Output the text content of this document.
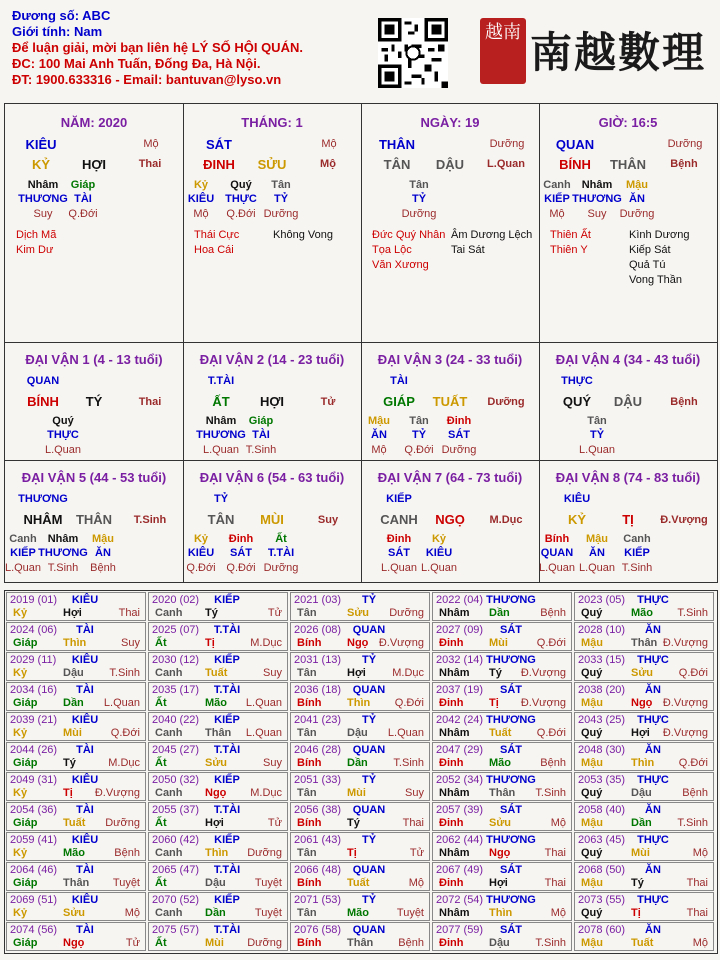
Đương số: ABC
Giới tính: Nam
Để luận giải, mời bạn liên hệ LÝ SỐ HỘI QUÁN.
ĐC: 100 Mai Anh Tuấn, Đống Đa, Hà Nội.
ĐT: 1900.633316 - Email: bantuvan@lyso.vn
越南 南越數理
NĂM: 2020
KIÊU	Mộ
KỶ	HỢI	Thai
Nhâm
THƯƠNG
Suy
Giáp
TÀI
Q.Đới
Dịch Mã
Kim Dư
THÁNG: 1
SÁT	Mộ
ĐINH	SỬU	Mộ
Kỷ
KIÊU
Mộ
Quý
THỰC
Q.Đới
Tân
TỶ
Dưỡng
Thái Cực
Hoa Cái
Không Vong
NGÀY: 19
THÂN	Dưỡng
TÂN	DẬU	L.Quan
Tân
TỶ
Dưỡng
Đức Quý Nhân
Tọa Lộc
Văn Xương
Âm Dương Lệch
Tai Sát
GIỜ: 16:5
QUAN	Dưỡng
BÍNH	THÂN	Bệnh
Canh
KIẾP
Mộ
Nhâm
THƯƠNG
Suy
Mậu
ĂN
Dưỡng
Thiên Ất
Thiên Y
Kình Dương
Kiếp Sát
Quả Tú
Vong Thần
ĐẠI VẬN 1 (4 - 13 tuổi)
QUAN
BÍNH	TÝ	Thai
Quý
THỰC
L.Quan
ĐẠI VẬN 2 (14 - 23 tuổi)
T.TÀI
ẤT	HỢI	Tử
Nhâm
THƯƠNG
L.Quan
Giáp
TÀI
T.Sinh
ĐẠI VẬN 3 (24 - 33 tuổi)
TÀI
GIÁP	TUẤT	Dưỡng
Mậu
ĂN
Mộ
Tân
TỶ
Q.Đới
Đinh
SÁT
Dưỡng
ĐẠI VẬN 4 (34 - 43 tuổi)
THỰC
QUÝ	DẬU	Bệnh
Tân
TỶ
L.Quan
ĐẠI VẬN 5 (44 - 53 tuổi)
THƯƠNG
NHÂM	THÂN	T.Sinh
Canh
KIẾP
L.Quan
Nhâm
THƯƠNG
T.Sinh
Mậu
ĂN
Bệnh
ĐẠI VẬN 6 (54 - 63 tuổi)
TỶ
TÂN	MÙI	Suy
Kỷ
KIÊU
Q.Đới
Đinh
SÁT
Q.Đới
Ất
T.TÀI
Dưỡng
ĐẠI VẬN 7 (64 - 73 tuổi)
KIẾP
CANH	NGỌ	M.Dục
Đinh
SÁT
L.Quan
Kỷ
KIÊU
L.Quan
ĐẠI VẬN 8 (74 - 83 tuổi)
KIÊU
KỶ	TỊ	Đ.Vượng
Bính
QUAN
L.Quan
Mậu
ĂN
L.Quan
Canh
KIẾP
T.Sinh
2019 (01)	KIÊU
Kỷ	Hợi	Thai
2020 (02)	KIẾP
Canh Tý	Tử
2021 (03)	TỶ
Tân	Sửu Dưỡng
2022 (04) THƯƠNG
Nhâm Dần	Bệnh
2023 (05)	THỰC
Quý	Mão T.Sinh
2024 (06)	TÀI
Giáp Thìn	Suy
2025 (07)	T.TÀI
Ất	Tị	M.Dục
2026 (08)	QUAN
Bính Ngọ Đ.Vượng
2027 (09)	SÁT
Đinh Mùi	Q.Đới
2028 (10)	ĂN
Mậu	Thân Đ.Vượng
2029 (11)	KIÊU
Kỷ	Dậu T.Sinh
2030 (12)	KIẾP
Canh Tuất	Suy
2031 (13)	TỶ
Tân	Hợi M.Dục
2032 (14) THƯƠNG
Nhâm Tý Đ.Vượng
2033 (15)	THỰC
Quý	Sửu Q.Đới
2034 (16)	TÀI
Giáp Dần L.Quan
2035 (17)	T.TÀI
Ất	Mão L.Quan
2036 (18)	QUAN
Bính Thìn Q.Đới
2037 (19)	SÁT
Đinh Tị Đ.Vượng
2038 (20)	ĂN
Mậu	Ngọ Đ.Vượng
2039 (21)	KIÊU
Kỷ	Mùi	Q.Đới
2040 (22)	KIẾP
Canh Thân L.Quan
2041 (23)	TỶ
Tân	Dậu L.Quan
2042 (24) THƯƠNG
Nhâm Tuất Q.Đới
2043 (25)	THỰC
Quý	Hợi Đ.Vượng
2044 (26)	TÀI
Giáp Tý	M.Dục
2045 (27)	T.TÀI
Ất	Sửu	Suy
2046 (28)	QUAN
Bính Dần T.Sinh
2047 (29)	SÁT
Đinh Mão	Bệnh
2048 (30)	ĂN
Mậu	Thìn Q.Đới
2049 (31)	KIÊU
Kỷ	Tị Đ.Vượng
2050 (32)	KIẾP
Canh Ngọ M.Dục
2051 (33)	TỶ
Tân	Mùi	Suy
2052 (34) THƯƠNG
Nhâm Thân T.Sinh
2053 (35)	THỰC
Quý	Dậu	Bệnh
2054 (36)	TÀI
Giáp Tuất Dưỡng
2055 (37)	T.TÀI
Ất	Hợi	Tử
2056 (38)	QUAN
Bính Tý	Thai
2057 (39)	SÁT
Đinh Sửu	Mộ
2058 (40)	ĂN
Mậu	Dần T.Sinh
2059 (41)	KIÊU
Kỷ	Mão	Bệnh
2060 (42)	KIẾP
Canh Thìn Dưỡng
2061 (43)	TỶ
Tân	Tị	Tử
2062 (44) THƯƠNG
Nhâm Ngọ	Thai
2063 (45)	THỰC
Quý	Mùi	Mộ
2064 (46)	TÀI
Giáp Thân Tuyệt
2065 (47)	T.TÀI
Ất	Dậu	Tuyệt
2066 (48)	QUAN
Bính Tuất	Mộ
2067 (49)	SÁT
Đinh Hợi	Thai
2068 (50)	ĂN
Mậu	Tý	Thai
2069 (51)	KIÊU
Kỷ	Sửu	Mộ
2070 (52)	KIẾP
Canh Dần	Tuyệt
2071 (53)	TỶ
Tân	Mão	Tuyệt
2072 (54) THƯƠNG
Nhâm Thìn	Mộ
2073 (55)	THỰC
Quý	Tị	Thai
2074 (56)	TÀI
Giáp Ngọ	Tử
2075 (57)	T.TÀI
Ất	Mùi Dưỡng
2076 (58)	QUAN
Bính Thân Bệnh
2077 (59)	SÁT
Đinh Dậu T.Sinh
2078 (60)	ĂN
Mậu	Tuất	Mộ
